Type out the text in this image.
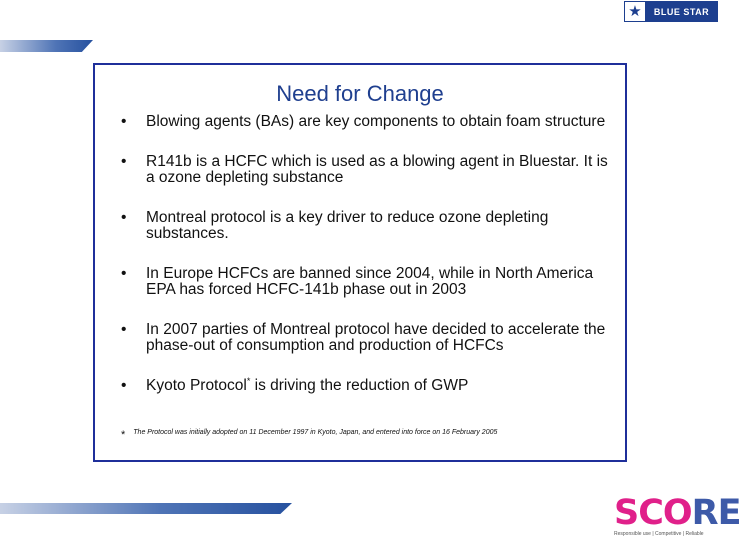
★	BLUE STAR
Need for Change
• Blowing agents (BAs) are key components to obtain foam structure
• R141b is a HCFC which is used as a blowing agent in Bluestar. It is a ozone depleting substance
• Montreal protocol is a key driver to reduce ozone depleting substances.
• In Europe HCFCs are banned since 2004, while in North America EPA has forced HCFC-141b phase out in 2003
• In 2007 parties of Montreal protocol have decided to accelerate the phase-out of consumption and production of HCFCs
• Kyoto Protocol* is driving the reduction of GWP
* The Protocol was initially adopted on 11 December 1997 in Kyoto, Japan, and entered into force on 16 February 2005
SCORE
Responsible use | Competitive | Reliable
